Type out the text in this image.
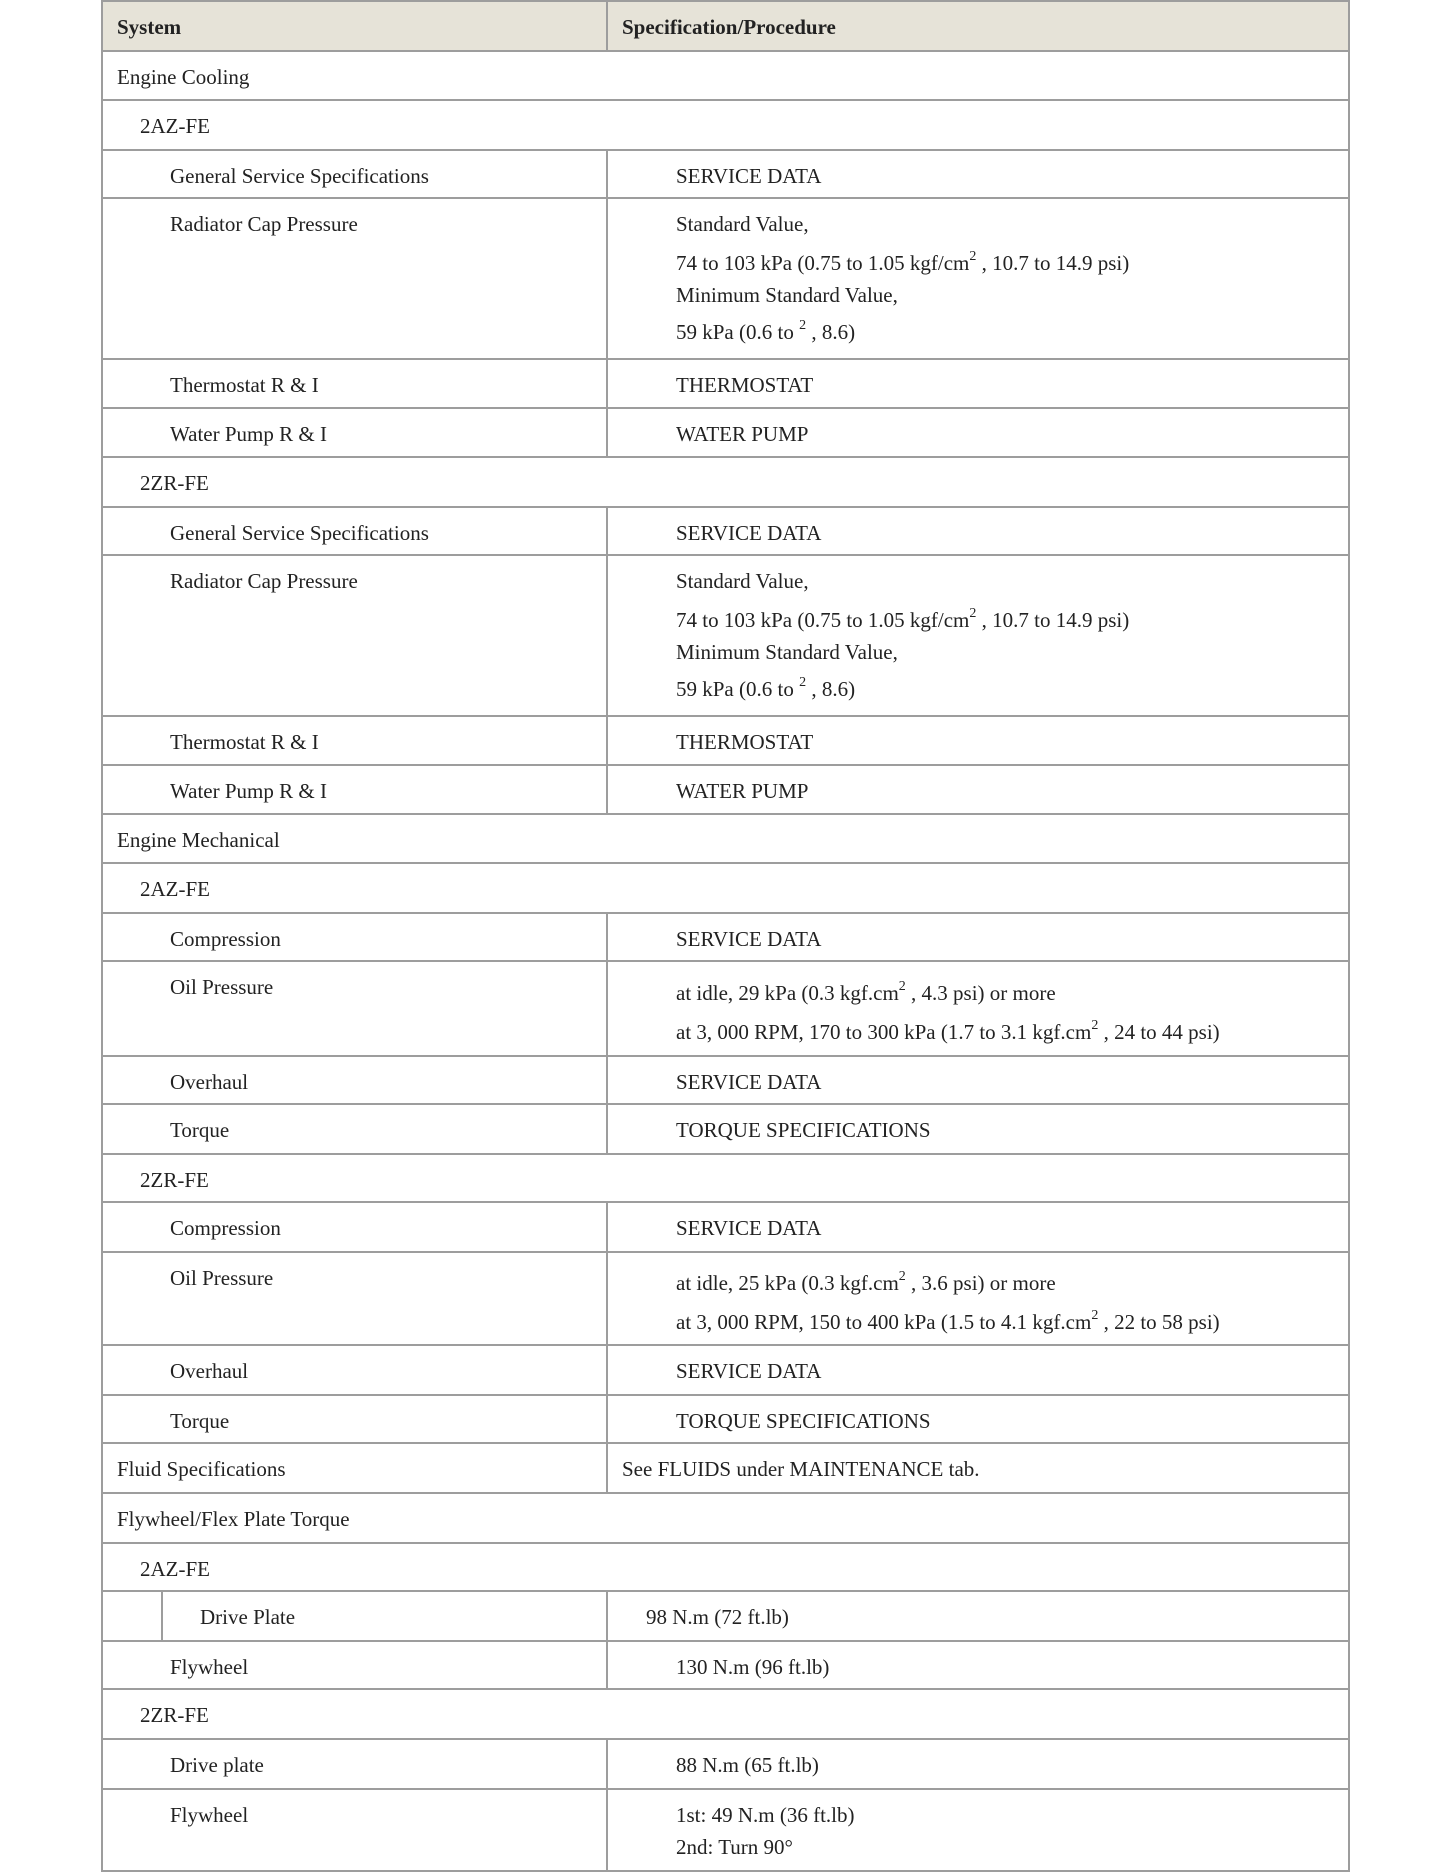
System	Specification/Procedure
Engine Cooling
2AZ-FE
General Service Specifications	SERVICE DATA
Radiator Cap Pressure	Standard Value,
74 to 103 kPa (0.75 to 1.05 kgf/$cm^2$ , 10.7 to 14.9 psi)
Minimum Standard Value,
59 kPa (0.6 to $^2$ , 8.6)
Thermostat R & I	THERMOSTAT
Water Pump R & I	WATER PUMP
2ZR-FE
General Service Specifications	SERVICE DATA
Radiator Cap Pressure	Standard Value,
74 to 103 kPa (0.75 to 1.05 kgf/$cm^2$ , 10.7 to 14.9 psi)
Minimum Standard Value,
59 kPa (0.6 to $^2$ , 8.6)
Thermostat R & I	THERMOSTAT
Water Pump R & I	WATER PUMP
Engine Mechanical
2AZ-FE
Compression	SERVICE DATA
Oil Pressure	at idle, 29 kPa (0.3 $kgf.cm^2$ , 4.3 psi) or more
at 3, 000 RPM, 170 to 300 kPa (1.7 to 3.1 $kgf.cm^2$ , 24 to 44 psi)
Overhaul	SERVICE DATA
Torque	TORQUE SPECIFICATIONS
2ZR-FE
Compression	SERVICE DATA
Oil Pressure	at idle, 25 kPa (0.3 $kgf.cm^2$ , 3.6 psi) or more
at 3, 000 RPM, 150 to 400 kPa (1.5 to 4.1 $kgf.cm^2$ , 22 to 58 psi)
Overhaul	SERVICE DATA
Torque	TORQUE SPECIFICATIONS
Fluid Specifications	See FLUIDS under MAINTENANCE tab.
Flywheel/Flex Plate Torque
2AZ-FE
Drive Plate	98 N.m (72 ft.lb)
Flywheel	130 N.m (96 ft.lb)
2ZR-FE
Drive plate	88 N.m (65 ft.lb)
Flywheel	1st: 49 N.m (36 ft.lb)
2nd: Turn 90°
